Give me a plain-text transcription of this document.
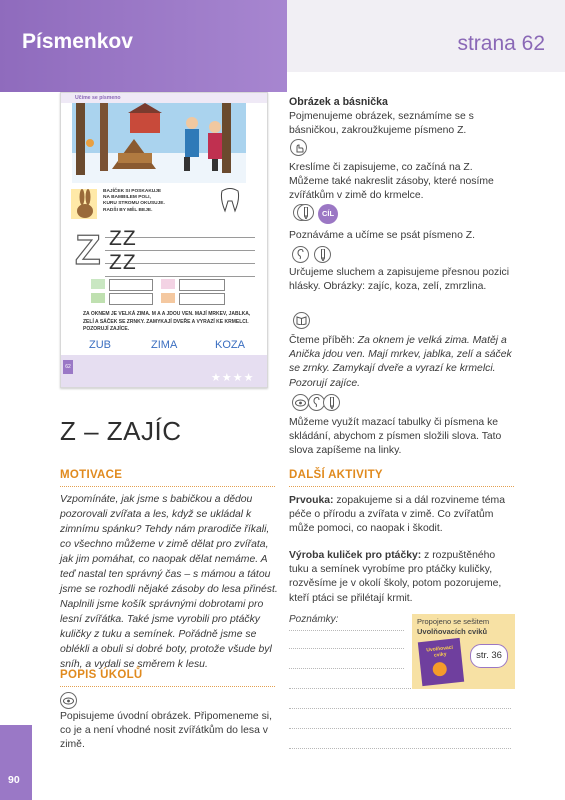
Písmenkov	strana 62
Učíme se písmeno
BAJÍČEK SI POSKAKUJE
NA BAMBILEM POLI,
KURU STROMU OKUSUJE.
RADŠI BY MĚL BEJE.
Z ZZ
ZZ
ZA OKNEM JE VELKÁ ZIMA. M A A JDOU VEN. MAJÍ MRKEV, JABLKA, ZELÍ A SÁČEK SE ZRNKY. ZAMYKAJÍ DVEŘE A VYRAZÍ KE KRMELCI. POZORUJÍ ZAJÍCE.
ZUB	ZIMA	KOZA
62
★★★★
Z – ZAJÍC
MOTIVACE
Vzpomínáte, jak jsme s babičkou a dědou pozorovali zvířata a les, když se ukládal k zimnímu spánku? Tehdy nám prarodiče říkali, co všechno můžeme v zimě dělat pro zvířata, jak jim pomáhat, co naopak dělat nemáme. A teď nastal ten správný čas – s mámou a tátou jsme se rozhodli nějaké zásoby do lesa přinést. Naplnili jsme košík správnými dobrotami pro lesní zvířátka. Také jsme vyrobili pro ptáčky kuličky z tuku a semínek. Pořádně jsme se oblékli a obuli si dobré boty, protože všude byl sníh, a vydali se směrem k lesu.
POPIS ÚKOLŮ
Popisujeme úvodní obrázek. Připomeneme si, co je a není vhodné nosit zvířátkům do lesa v zimě.
Obrázek a básnička
Pojmenujeme obrázek, seznámíme se s básničkou, zakroužkujeme písmeno Z.
Kreslíme či zapisujeme, co začíná na Z. Můžeme také nakreslit zásoby, které nosíme zvířátkům v zimě do krmelce.
CÍL
Poznáváme a učíme se psát písmeno Z.
Určujeme sluchem a zapisujeme přesnou pozici hlásky. Obrázky: zajíc, koza, zelí, zmrzlina.
Čteme příběh: Za oknem je velká zima. Matěj a Anička jdou ven. Mají mrkev, jablka, zelí a sáček se zrnky. Zamykají dveře a vyrazí ke krmelci. Pozorují zajíce.
Můžeme využít mazací tabulky či písmena ke skládání, abychom z písmen složili slova. Tato slova zapíšeme na linky.
DALŠÍ AKTIVITY
Prvouka: zopakujeme si a dál rozvineme téma péče o přírodu a zvířata v zimě. Co zvířatům může pomoci, co naopak i škodit.
Výroba kuliček pro ptáčky: z rozpuštěného tuku a semínek vyrobíme pro ptáčky kuličky, rozvěsíme je v okolí školy, potom pozorujeme, kteří ptáci se přilétají krmit.
Poznámky:	Propojeno se sešitem
Uvolňovacích cviků
Uvolňovací cviky	str. 36
90
